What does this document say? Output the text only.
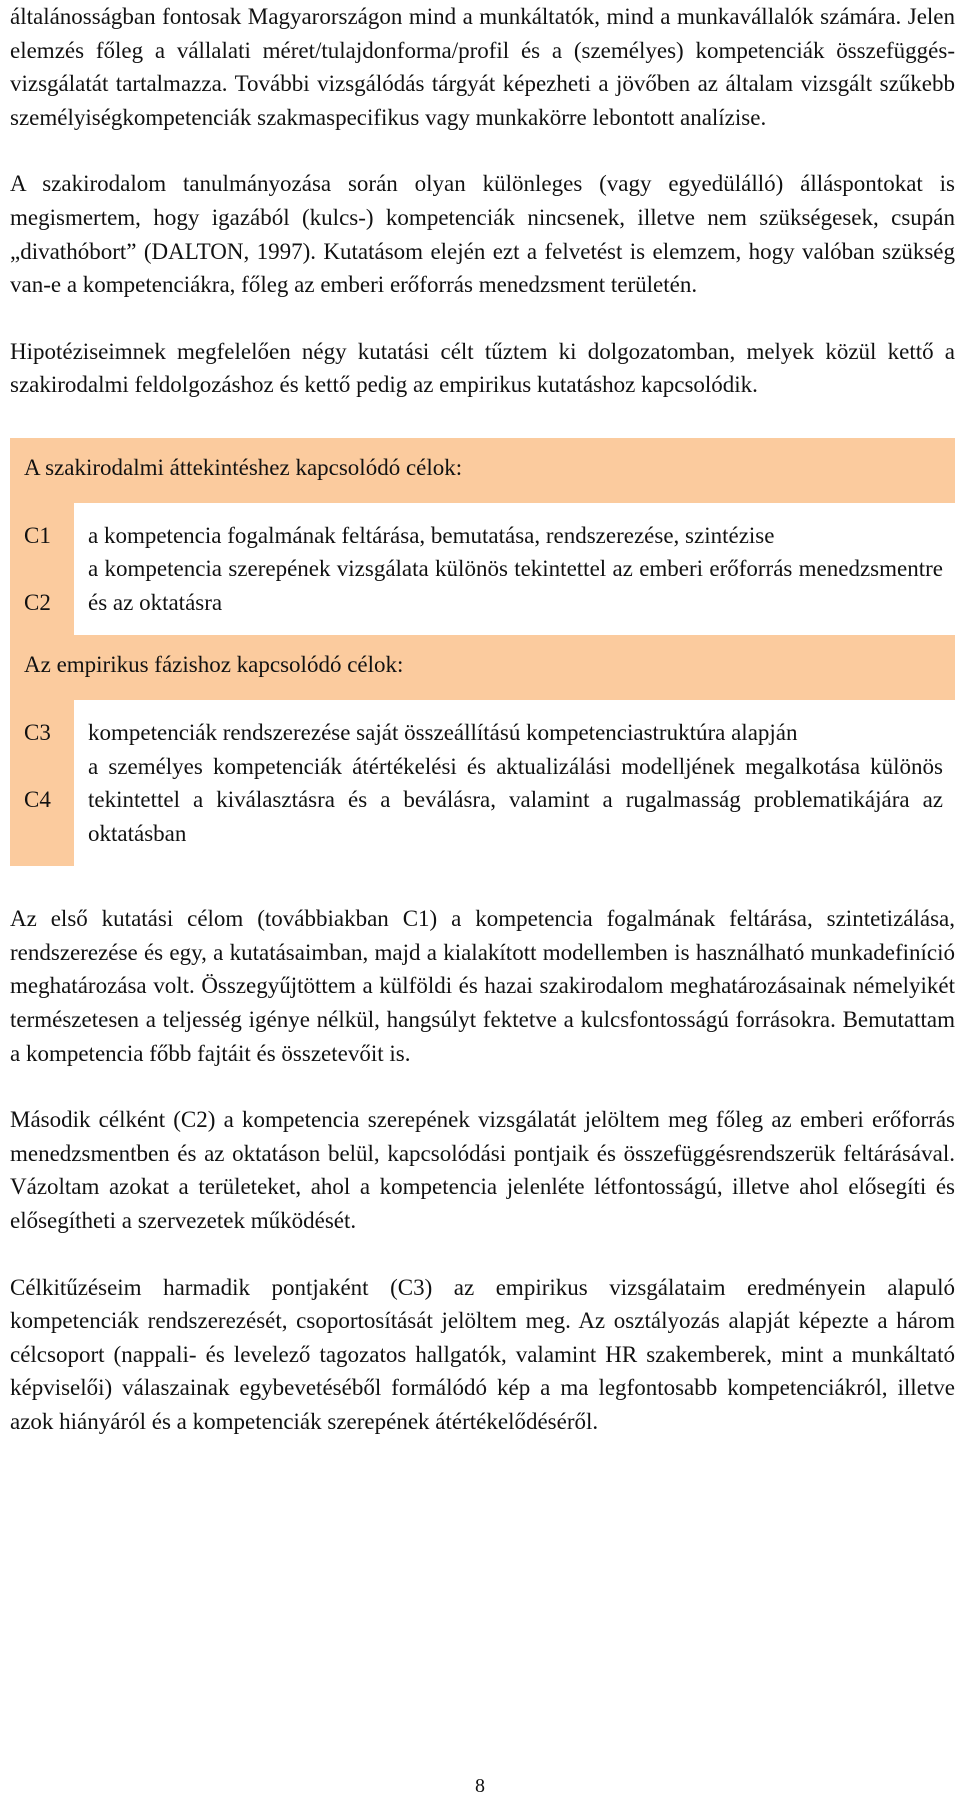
általánosságban fontosak Magyarországon mind a munkáltatók, mind a munkavállalók számára. Jelen elemzés főleg a vállalati méret/tulajdonforma/profil és a (személyes) kompetenciák összefüggés-vizsgálatát tartalmazza. További vizsgálódás tárgyát képezheti a jövőben az általam vizsgált szűkebb személyiségkompetenciák szakmaspecifikus vagy munkakörre lebontott analízise.

A szakirodalom tanulmányozása során olyan különleges (vagy egyedülálló) álláspontokat is megismertem, hogy igazából (kulcs-) kompetenciák nincsenek, illetve nem szükségesek, csupán „divathóbort” (DALTON, 1997). Kutatásom elején ezt a felvetést is elemzem, hogy valóban szükség van-e a kompetenciákra, főleg az emberi erőforrás menedzsment területén.

Hipotéziseimnek megfelelően négy kutatási célt tűztem ki dolgozatomban, melyek közül kettő a szakirodalmi feldolgozáshoz és kettő pedig az empirikus kutatáshoz kapcsolódik.

A szakirodalmi áttekintéshez kapcsolódó célok:
C1
C2
a kompetencia fogalmának feltárása, bemutatása, rendszerezése, szintézise
a kompetencia szerepének vizsgálata különös tekintettel az emberi erőforrás menedzsmentre és az oktatásra
Az empirikus fázishoz kapcsolódó célok:
C3
C4
kompetenciák rendszerezése saját összeállítású kompetenciastruktúra alapján
a személyes kompetenciák átértékelési és aktualizálási modelljének megalkotása különös tekintettel a kiválasztásra és a beválásra, valamint a rugalmasság problematikájára az oktatásban

Az első kutatási célom (továbbiakban C1) a kompetencia fogalmának feltárása, szintetizálása, rendszerezése és egy, a kutatásaimban, majd a kialakított modellemben is használható munkadefiníció meghatározása volt. Összegyűjtöttem a külföldi és hazai szakirodalom meghatározásainak némelyikét természetesen a teljesség igénye nélkül, hangsúlyt fektetve a kulcsfontosságú forrásokra. Bemutattam a kompetencia főbb fajtáit és összetevőit is.

Második célként (C2) a kompetencia szerepének vizsgálatát jelöltem meg főleg az emberi erőforrás menedzsmentben és az oktatáson belül, kapcsolódási pontjaik és összefüggésrendszerük feltárásával. Vázoltam azokat a területeket, ahol a kompetencia jelenléte létfontosságú, illetve ahol elősegíti és elősegítheti a szervezetek működését.

Célkitűzéseim harmadik pontjaként (C3) az empirikus vizsgálataim eredményein alapuló kompetenciák rendszerezését, csoportosítását jelöltem meg. Az osztályozás alapját képezte a három célcsoport (nappali- és levelező tagozatos hallgatók, valamint HR szakemberek, mint a munkáltató képviselői) válaszainak egybevetéséből formálódó kép a ma legfontosabb kompetenciákról, illetve azok hiányáról és a kompetenciák szerepének átértékelődéséről.

8
